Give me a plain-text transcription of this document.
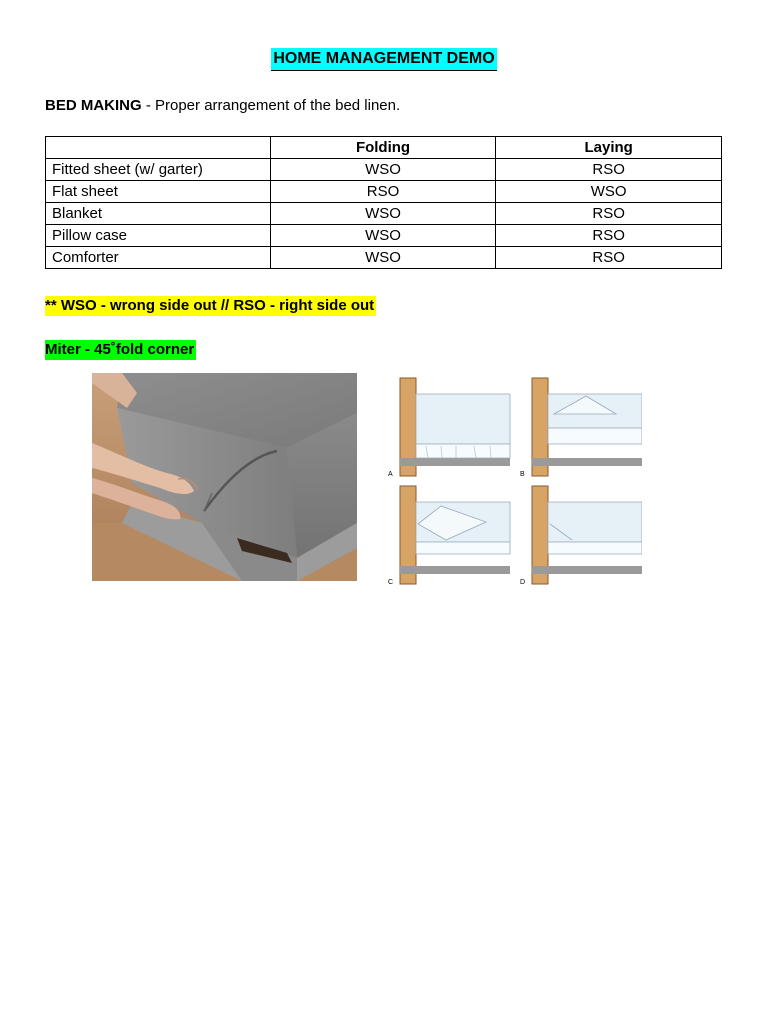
HOME MANAGEMENT DEMO
BED MAKING - Proper arrangement of the bed linen.
	Folding	Laying
Fitted sheet (w/ garter)	WSO	RSO
Flat sheet	RSO	WSO
Blanket	WSO	RSO
Pillow case	WSO	RSO
Comforter	WSO	RSO
** WSO - wrong side out // RSO - right side out
Miter - 45˚fold corner
A	B
C	D
